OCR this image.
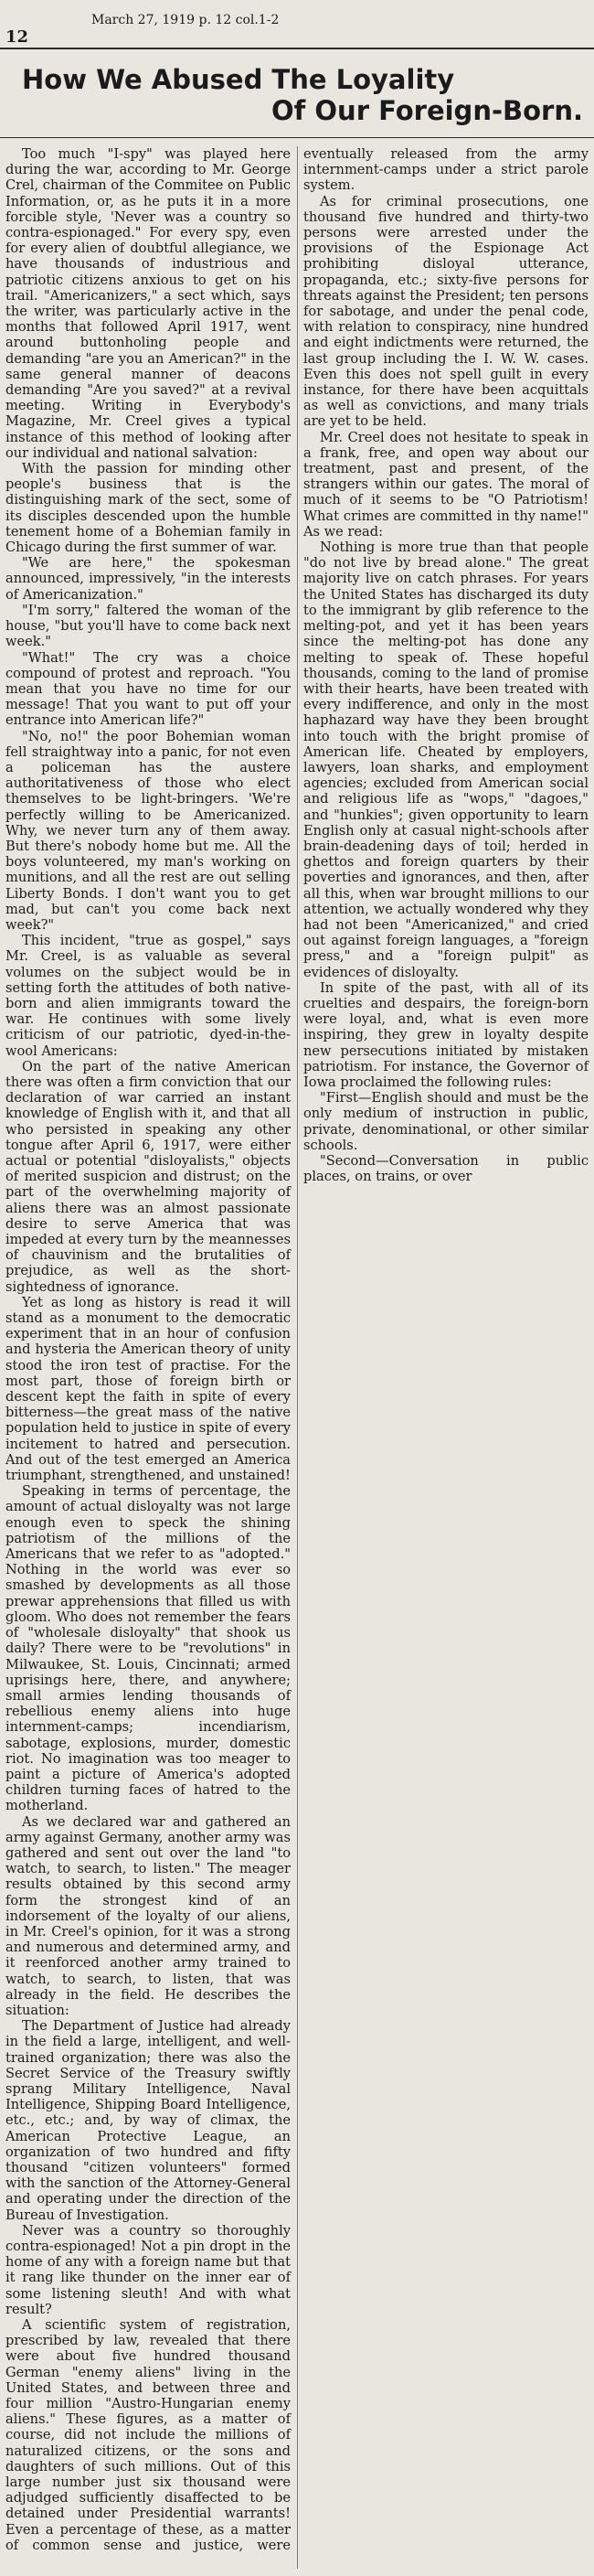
March 27, 1919 p. 12 col.1-2
12
How We Abused The Loyality
Of Our Foreign-Born.

Too much "I-spy" was played here during the war, according to Mr. George Crel, chairman of the Commitee on Public Information, or, as he puts it in a more forcible style, 'Never was a country so contra-espionaged." For every spy, even for every alien of doubtful allegiance, we have thousands of industrious and patriotic citizens anxious to get on his trail. "Americanizers," a sect which, says the writer, was particularly active in the months that followed April 1917, went around buttonholing people and demanding "are you an American?" in the same general manner of deacons demanding "Are you saved?" at a revival meeting. Writing in Everybody's Magazine, Mr. Creel gives a typical instance of this method of looking after our individual and national salvation:

With the passion for minding other people's business that is the distinguishing mark of the sect, some of its disciples descended upon the humble tenement home of a Bohemian family in Chicago during the first summer of war.

"We are here," the spokesman announced, impressively, "in the interests of Americanization."

"I'm sorry," faltered the woman of the house, "but you'll have to come back next week."

"What!" The cry was a choice compound of protest and reproach. "You mean that you have no time for our message! That you want to put off your entrance into American life?"

"No, no!" the poor Bohemian woman fell straightway into a panic, for not even a policeman has the austere authoritativeness of those who elect themselves to be light-bringers. 'We're perfectly willing to be Americanized. Why, we never turn any of them away. But there's nobody home but me. All the boys volunteered, my man's working on munitions, and all the rest are out selling Liberty Bonds. I don't want you to get mad, but can't you come back next week?"

This incident, "true as gospel," says Mr. Creel, is as valuable as several volumes on the subject would be in setting forth the attitudes of both native-born and alien immigrants toward the war. He continues with some lively criticism of our patriotic, dyed-in-the-wool Americans:

On the part of the native American there was often a firm conviction that our declaration of war carried an instant knowledge of English with it, and that all who persisted in speaking any other tongue after April 6, 1917, were either actual or potential "disloyalists," objects of merited suspicion and distrust; on the part of the overwhelming majority of aliens there was an almost passionate desire to serve America that was impeded at every turn by the meannesses of chauvinism and the brutalities of prejudice, as well as the short-sightedness of ignorance.

Yet as long as history is read it will stand as a monument to the democratic experiment that in an hour of confusion and hysteria the American theory of unity stood the iron test of practise. For the most part, those of foreign birth or descent kept the faith in spite of every bitterness—the great mass of the native population held to justice in spite of every incitement to hatred and persecution. And out of the test emerged an America triumphant, strengthened, and unstained!

Speaking in terms of percentage, the amount of actual disloyalty was not large enough even to speck the shining patriotism of the millions of the Americans that we refer to as "adopted." Nothing in the world was ever so smashed by developments as all those prewar apprehensions that filled us with gloom. Who does not remember the fears of "wholesale disloyalty" that shook us daily? There were to be "revolutions" in Milwaukee, St. Louis, Cincinnati; armed uprisings here, there, and anywhere; small armies lending thousands of rebellious enemy aliens into huge internment-camps; incendiarism, sabotage, explosions, murder, domestic riot. No imagination was too meager to paint a picture of America's adopted children turning faces of hatred to the motherland.

As we declared war and gathered an army against Germany, another army was gathered and sent out over the land "to watch, to search, to listen." The meager results obtained by this second army form the strongest kind of an indorsement of the loyalty of our aliens, in Mr. Creel's opinion, for it was a strong and numerous and determined army, and it reenforced another army trained to watch, to search, to listen, that was already in the field. He describes the situation:

The Department of Justice had already in the field a large, intelligent, and well-trained organization; there was also the Secret Service of the Treasury swiftly sprang Military Intelligence, Naval Intelligence, Shipping Board Intelligence, etc., etc.; and, by way of climax, the American Protective League, an organization of two hundred and fifty thousand "citizen volunteers" formed with the sanction of the Attorney-General and operating under the direction of the Bureau of Investigation.

Never was a country so thoroughly contra-espionaged! Not a pin dropt in the home of any with a foreign name but that it rang like thunder on the inner ear of some listening sleuth! And with what result?

A scientific system of registration, prescribed by law, revealed that there were about five hundred thousand German "enemy aliens" living in the United States, and between three and four million "Austro-Hungarian enemy aliens." These figures, as a matter of course, did not include the millions of naturalized citizens, or the sons and daughters of such millions. Out of this large number just six thousand were adjudged sufficiently disaffected to be detained under Presidential warrants! Even a percentage of these, as a matter of common sense and justice, were eventually released from the army internment-camps under a strict parole system.

As for criminal prosecutions, one thousand five hundred and thirty-two persons were arrested under the provisions of the Espionage Act prohibiting disloyal utterance, propaganda, etc.; sixty-five persons for threats against the President; ten persons for sabotage, and under the penal code, with relation to conspiracy, nine hundred and eight indictments were returned, the last group including the I. W. W. cases. Even this does not spell guilt in every instance, for there have been acquittals as well as convictions, and many trials are yet to be held.

Mr. Creel does not hesitate to speak in a frank, free, and open way about our treatment, past and present, of the strangers within our gates. The moral of much of it seems to be "O Patriotism! What crimes are committed in thy name!" As we read:

Nothing is more true than that people "do not live by bread alone." The great majority live on catch phrases. For years the United States has discharged its duty to the immigrant by glib reference to the melting-pot, and yet it has been years since the melting-pot has done any melting to speak of. These hopeful thousands, coming to the land of promise with their hearts, have been treated with every indifference, and only in the most haphazard way have they been brought into touch with the bright promise of American life. Cheated by employers, lawyers, loan sharks, and employment agencies; excluded from American social and religious life as "wops," "dagoes," and "hunkies"; given opportunity to learn English only at casual night-schools after brain-deadening days of toil; herded in ghettos and foreign quarters by their poverties and ignorances, and then, after all this, when war brought millions to our attention, we actually wondered why they had not been "Americanized," and cried out against foreign languages, a "foreign press," and a "foreign pulpit" as evidences of disloyalty.

In spite of the past, with all of its cruelties and despairs, the foreign-born were loyal, and, what is even more inspiring, they grew in loyalty despite new persecutions initiated by mistaken patriotism. For instance, the Governor of Iowa proclaimed the following rules:

"First—English should and must be the only medium of instruction in public, private, denominational, or other similar schools.

"Second—Conversation in public places, on trains, or over
